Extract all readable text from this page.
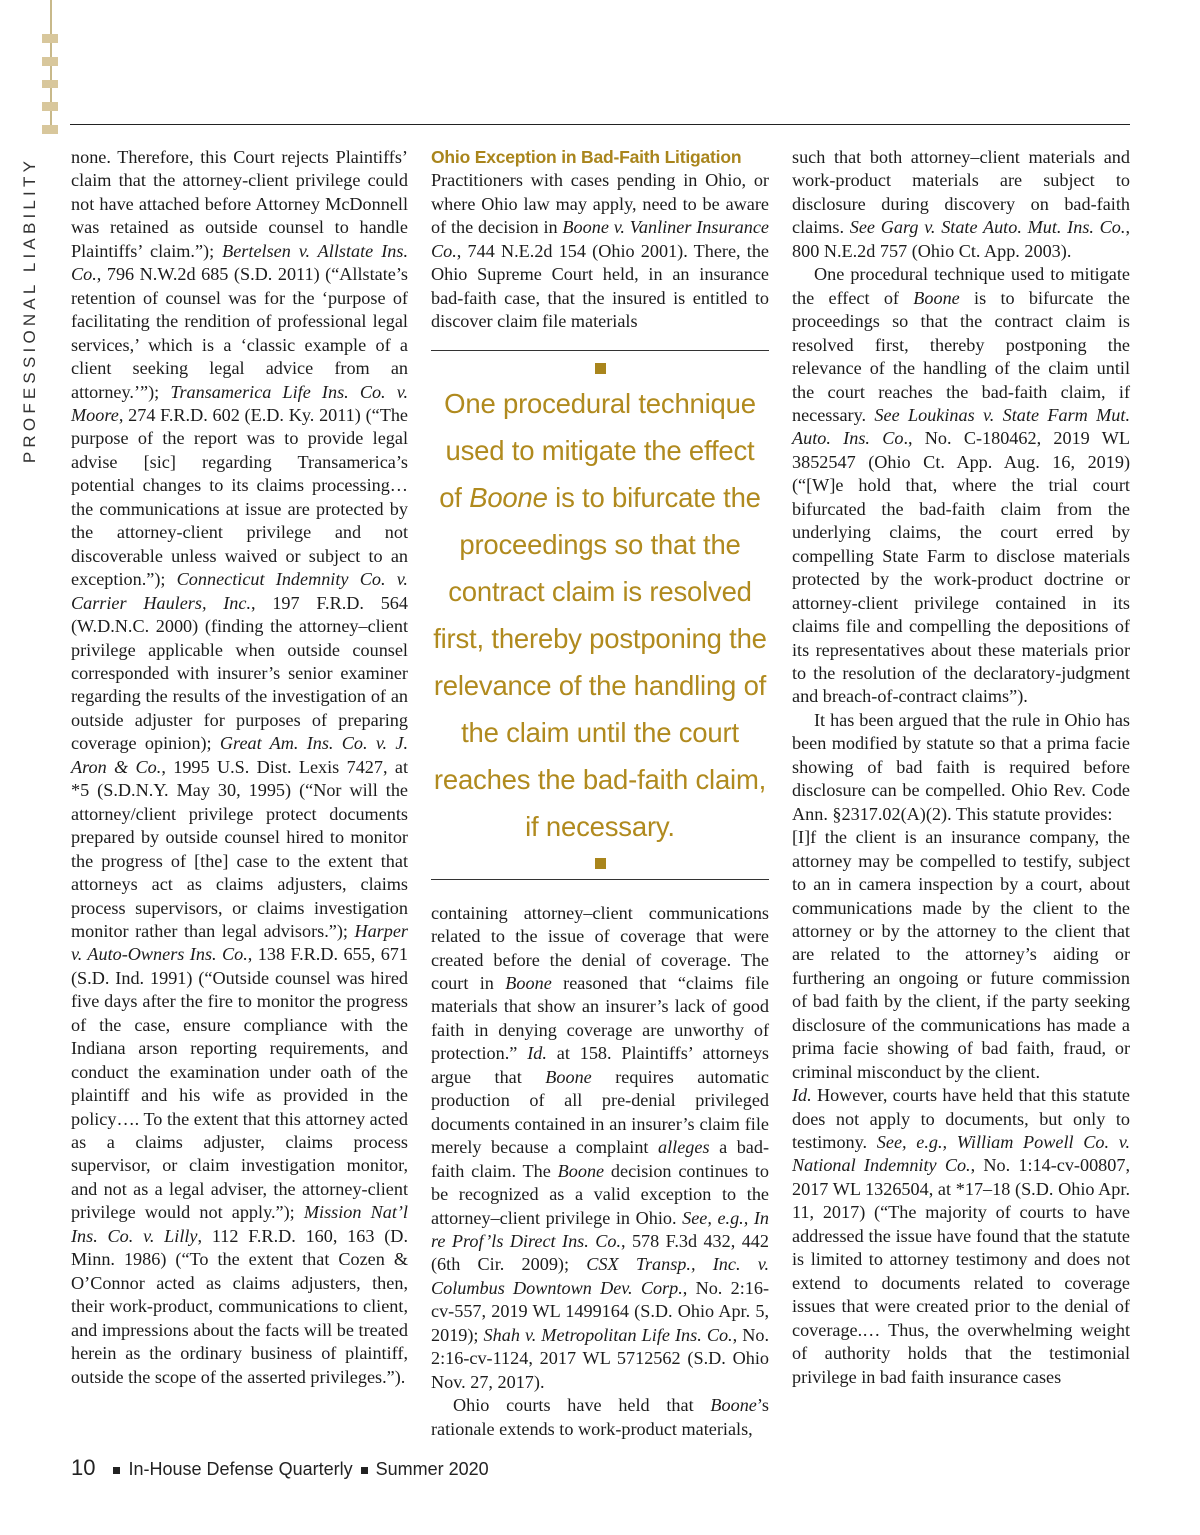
PROFESSIONAL LIABILITY none. Therefore, this Court rejects Plaintiffs’ claim that the attorney-client privilege could not have attached before Attorney McDonnell was retained as outside counsel to handle Plaintiffs’ claim.”); Bertelsen v. Allstate Ins. Co., 796 N.W.2d 685 (S.D. 2011) (“Allstate’s retention of counsel was for the ‘purpose of facilitating the rendition of professional legal services,’ which is a ‘classic example of a client seeking legal advice from an attorney.’”); Transamerica Life Ins. Co. v. Moore, 274 F.R.D. 602 (E.D. Ky. 2011) (“The purpose of the report was to provide legal advise [sic] regarding Transamerica’s potential changes to its claims processing… the communications at issue are protected by the attorney-client privilege and not discoverable unless waived or subject to an exception.”); Connecticut Indemnity Co. v. Carrier Haulers, Inc., 197 F.R.D. 564 (W.D.N.C. 2000) (finding the attorney–client privilege applicable when outside counsel corresponded with insurer’s senior examiner regarding the results of the investigation of an outside adjuster for purposes of preparing coverage opinion); Great Am. Ins. Co. v. J. Aron & Co., 1995 U.S. Dist. Lexis 7427, at *5 (S.D.N.Y. May 30, 1995) (“Nor will the attorney/client privilege protect documents prepared by outside counsel hired to monitor the progress of [the] case to the extent that attorneys act as claims adjusters, claims process supervisors, or claims investigation monitor rather than legal advisors.”); Harper v. Auto-Owners Ins. Co., 138 F.R.D. 655, 671 (S.D. Ind. 1991) (“Outside counsel was hired five days after the fire to monitor the progress of the case, ensure compliance with the Indiana arson reporting requirements, and conduct the examination under oath of the plaintiff and his wife as provided in the policy…. To the extent that this attorney acted as a claims adjuster, claims process supervisor, or claim investigation monitor, and not as a legal adviser, the attorney-client privilege would not apply.”); Mission Nat’l Ins. Co. v. Lilly, 112 F.R.D. 160, 163 (D. Minn. 1986) (“To the extent that Cozen & O’Connor acted as claims adjusters, then, their work-product, communications to client, and impressions about the facts will be treated herein as the ordinary business of plaintiff, outside the scope of the asserted privileges.”).

Ohio Exception in Bad-Faith Litigation

Practitioners with cases pending in Ohio, or where Ohio law may apply, need to be aware of the decision in Boone v. Vanliner Insurance Co., 744 N.E.2d 154 (Ohio 2001). There, the Ohio Supreme Court held, in an insurance bad-faith case, that the insured is entitled to discover claim file materials

One procedural technique used to mitigate the effect of Boone is to bifurcate the proceedings so that the contract claim is resolved first, thereby postponing the relevance of the handling of the claim until the court reaches the bad-faith claim, if necessary.

containing attorney–client communications related to the issue of coverage that were created before the denial of coverage. The court in Boone reasoned that “claims file materials that show an insurer’s lack of good faith in denying coverage are unworthy of protection.” Id. at 158. Plaintiffs’ attorneys argue that Boone requires automatic production of all pre-denial privileged documents contained in an insurer’s claim file merely because a complaint alleges a bad-faith claim. The Boone decision continues to be recognized as a valid exception to the attorney–client privilege in Ohio. See, e.g., In re Prof’ls Direct Ins. Co., 578 F.3d 432, 442 (6th Cir. 2009); CSX Transp., Inc. v. Columbus Downtown Dev. Corp., No. 2:16-cv-557, 2019 WL 1499164 (S.D. Ohio Apr. 5, 2019); Shah v. Metropolitan Life Ins. Co., No. 2:16-cv-1124, 2017 WL 5712562 (S.D. Ohio Nov. 27, 2017).

Ohio courts have held that Boone’s rationale extends to work-product materials,

such that both attorney–client materials and work-product materials are subject to disclosure during discovery on bad-faith claims. See Garg v. State Auto. Mut. Ins. Co., 800 N.E.2d 757 (Ohio Ct. App. 2003).

One procedural technique used to mitigate the effect of Boone is to bifurcate the proceedings so that the contract claim is resolved first, thereby postponing the relevance of the handling of the claim until the court reaches the bad-faith claim, if necessary. See Loukinas v. State Farm Mut. Auto. Ins. Co., No. C-180462, 2019 WL 3852547 (Ohio Ct. App. Aug. 16, 2019) (“[W]e hold that, where the trial court bifurcated the bad-faith claim from the underlying claims, the court erred by compelling State Farm to disclose materials protected by the work-product doctrine or attorney-client privilege contained in its claims file and compelling the depositions of its representatives about these materials prior to the resolution of the declaratory-judgment and breach-of-contract claims”).

It has been argued that the rule in Ohio has been modified by statute so that a prima facie showing of bad faith is required before disclosure can be compelled. Ohio Rev. Code Ann. §2317.02(A)(2). This statute provides:

[I]f the client is an insurance company, the attorney may be compelled to testify, subject to an in camera inspection by a court, about communications made by the client to the attorney or by the attorney to the client that are related to the attorney’s aiding or furthering an ongoing or future commission of bad faith by the client, if the party seeking disclosure of the communications has made a prima facie showing of bad faith, fraud, or criminal misconduct by the client.

Id. However, courts have held that this statute does not apply to documents, but only to testimony. See, e.g., William Powell Co. v. National Indemnity Co., No. 1:14-cv-00807, 2017 WL 1326504, at *17–18 (S.D. Ohio Apr. 11, 2017) (“The majority of courts to have addressed the issue have found that the statute is limited to attorney testimony and does not extend to documents related to coverage issues that were created prior to the denial of coverage.… Thus, the overwhelming weight of authority holds that the testimonial privilege in bad faith insurance cases

10 In-House Defense Quarterly Summer 2020
